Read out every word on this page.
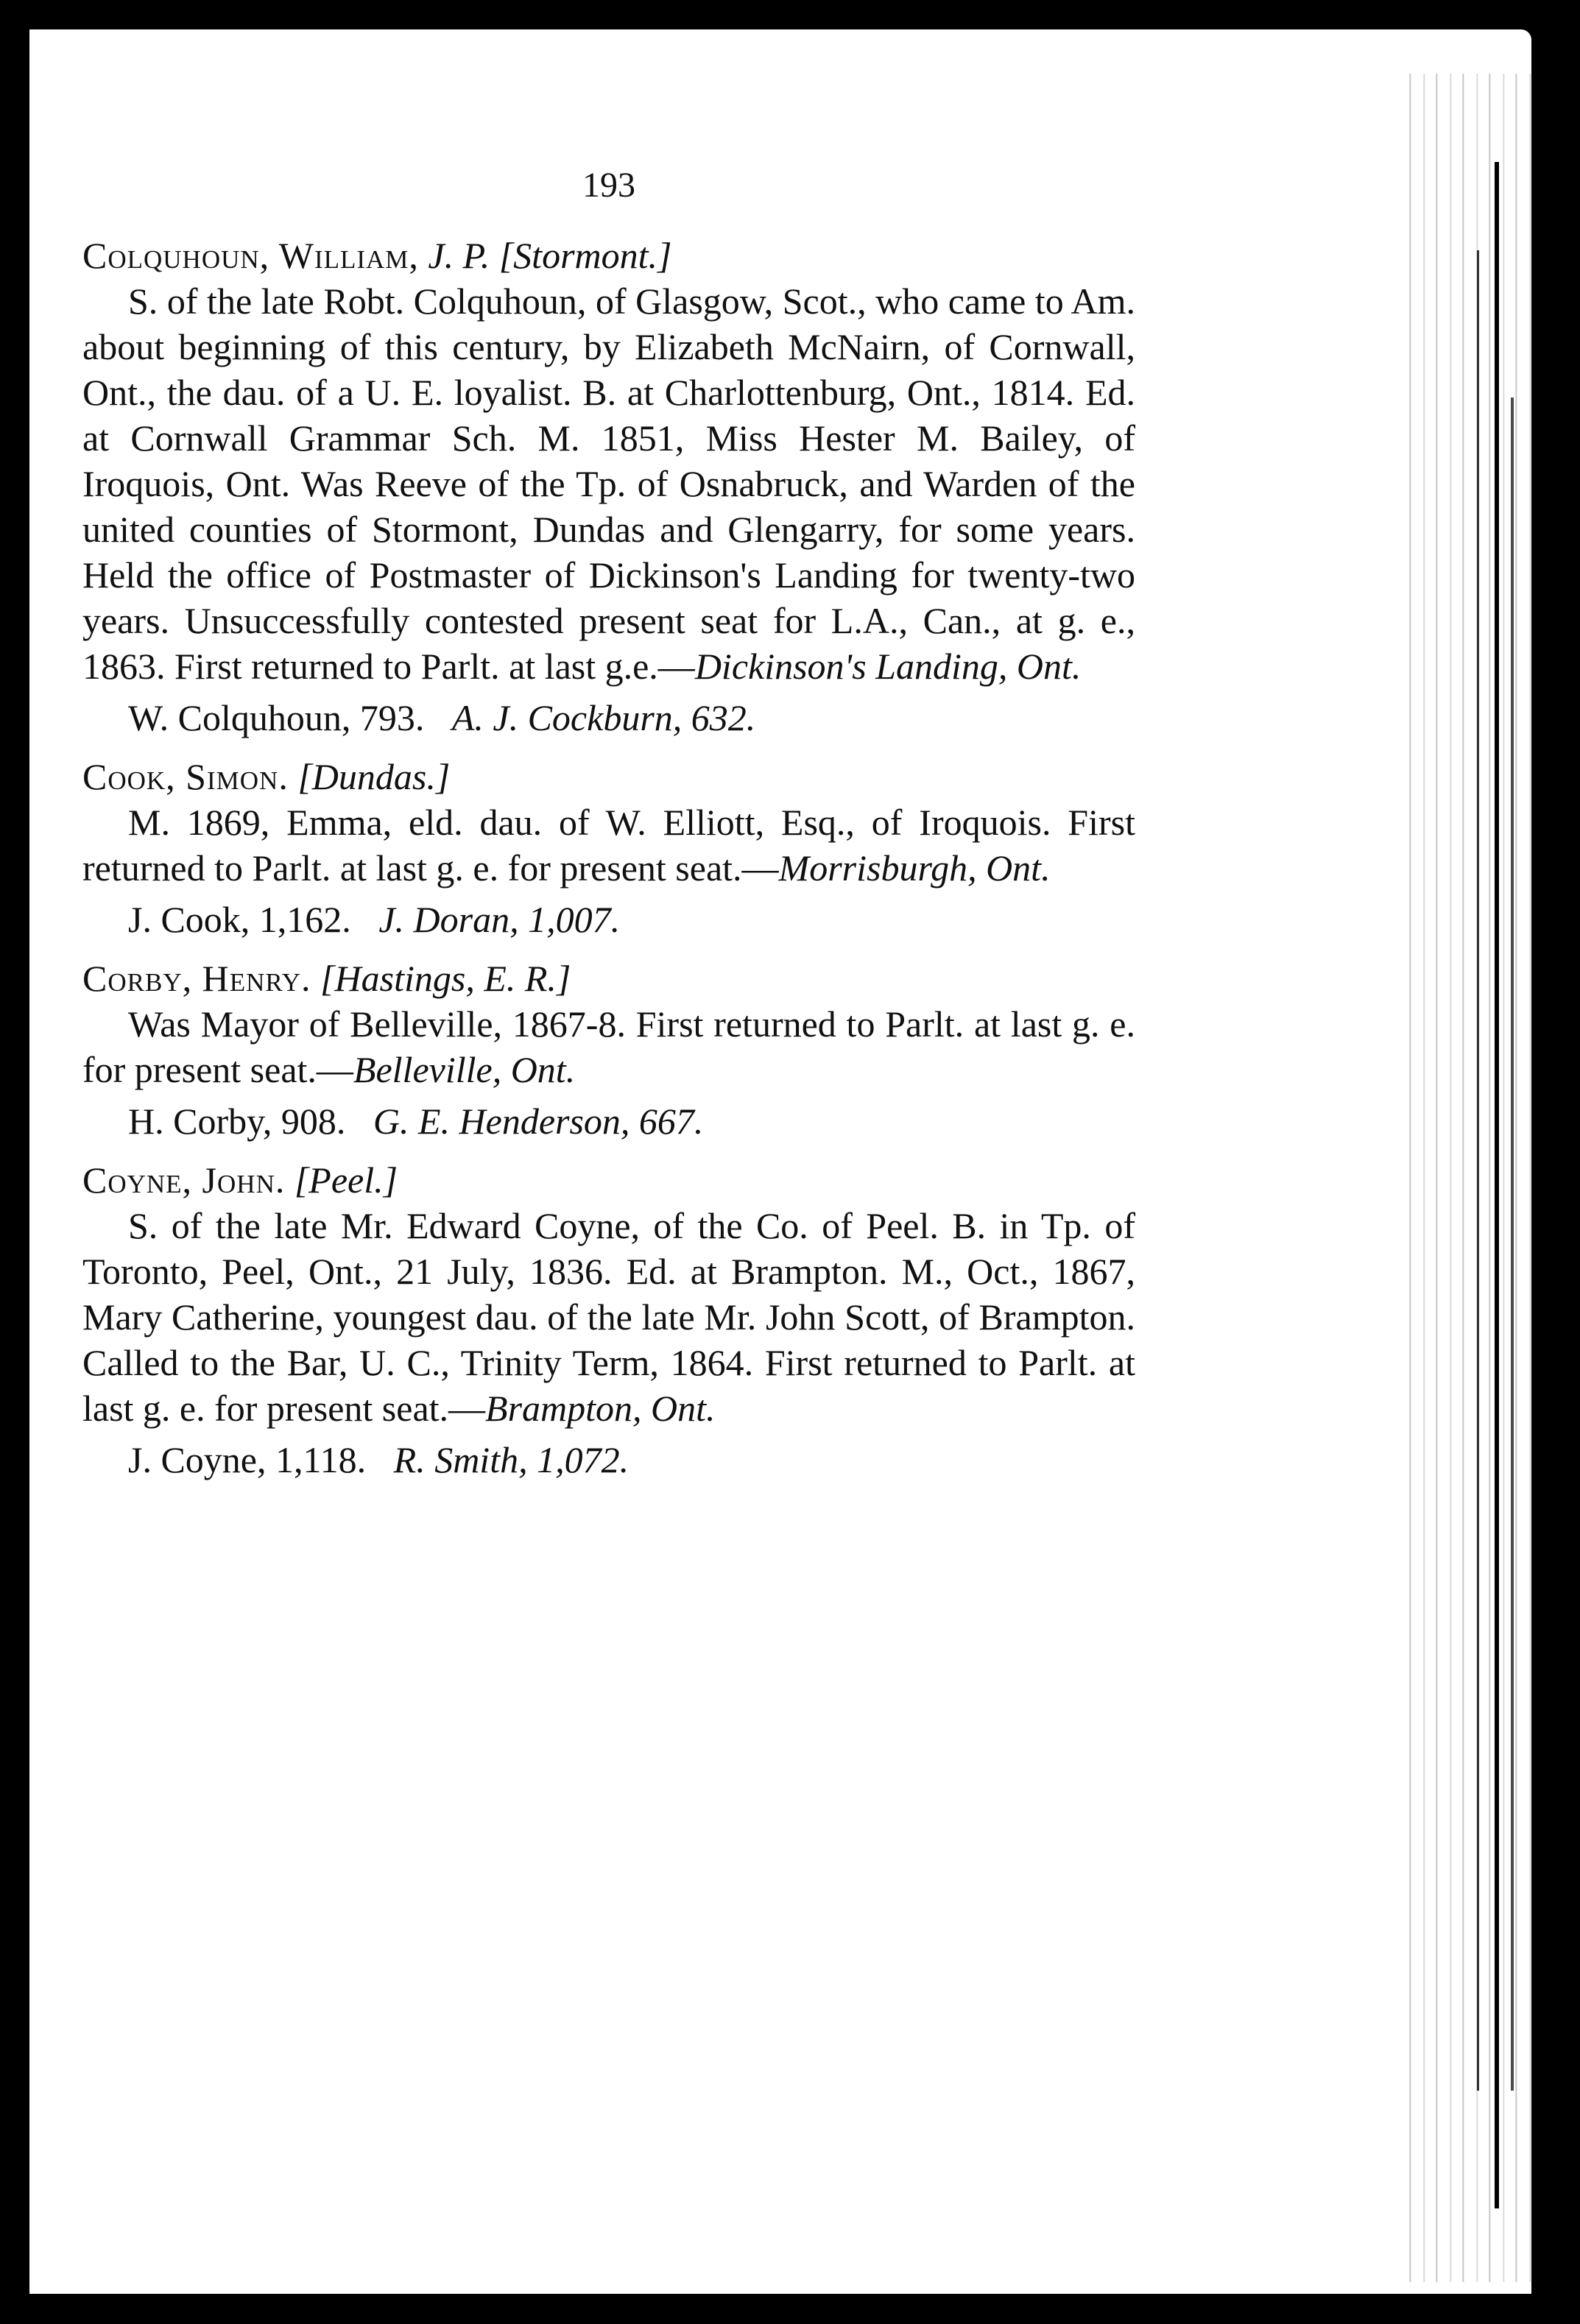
193
Colquhoun, William, J. P. [Stormont.]
S. of the late Robt. Colquhoun, of Glasgow, Scot., who came to Am. about beginning of this century, by Elizabeth McNairn, of Cornwall, Ont., the dau. of a U. E. loyalist. B. at Charlottenburg, Ont., 1814. Ed. at Cornwall Grammar Sch. M. 1851, Miss Hester M. Bailey, of Iroquois, Ont. Was Reeve of the Tp. of Osnabruck, and Warden of the united counties of Stormont, Dundas and Glengarry, for some years. Held the office of Postmaster of Dickinson's Landing for twenty-two years. Unsuccessfully contested present seat for L.A., Can., at g. e., 1863. First returned to Parlt. at last g.e.—Dickinson's Landing, Ont.
W. Colquhoun, 793. A. J. Cockburn, 632.
Cook, Simon. [Dundas.]
M. 1869, Emma, eld. dau. of W. Elliott, Esq., of Iroquois. First returned to Parlt. at last g. e. for present seat.—Morrisburgh, Ont.
J. Cook, 1,162. J. Doran, 1,007.
Corby, Henry. [Hastings, E. R.]
Was Mayor of Belleville, 1867-8. First returned to Parlt. at last g. e. for present seat.—Belleville, Ont.
H. Corby, 908. G. E. Henderson, 667.
Coyne, John. [Peel.]
S. of the late Mr. Edward Coyne, of the Co. of Peel. B. in Tp. of Toronto, Peel, Ont., 21 July, 1836. Ed. at Brampton. M., Oct., 1867, Mary Catherine, youngest dau. of the late Mr. John Scott, of Brampton. Called to the Bar, U. C., Trinity Term, 1864. First returned to Parlt. at last g. e. for present seat.—Brampton, Ont.
J. Coyne, 1,118. R. Smith, 1,072.
